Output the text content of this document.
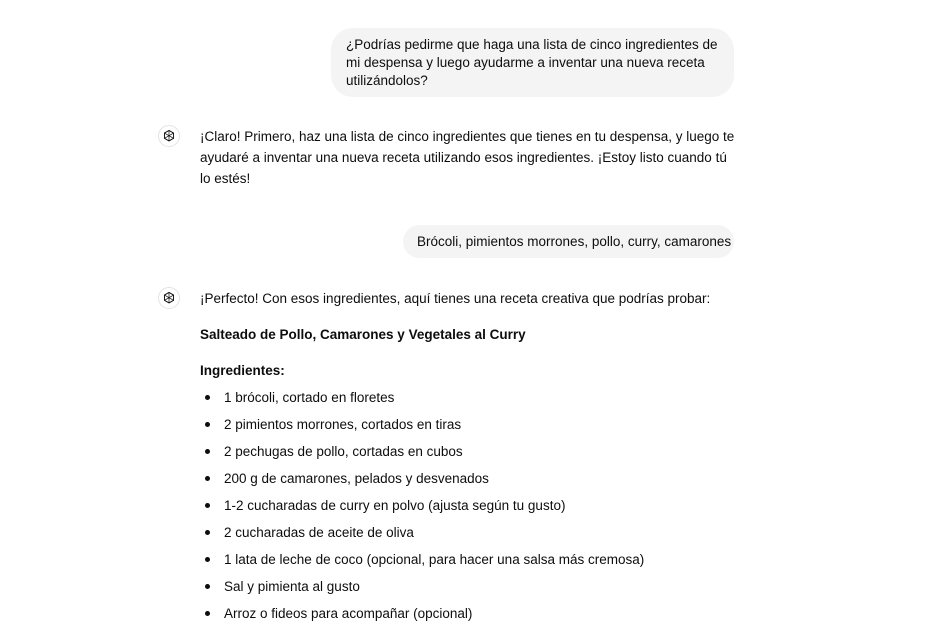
¿Podrías pedirme que haga una lista de cinco ingredientes de mi despensa y luego ayudarme a inventar una nueva receta utilizándolos?
¡Claro! Primero, haz una lista de cinco ingredientes que tienes en tu despensa, y luego te ayudaré a inventar una nueva receta utilizando esos ingredientes. ¡Estoy listo cuando tú lo estés!
Brócoli, pimientos morrones, pollo, curry, camarones
¡Perfecto! Con esos ingredientes, aquí tienes una receta creativa que podrías probar:
Salteado de Pollo, Camarones y Vegetales al Curry
Ingredientes:
1 brócoli, cortado en floretes
2 pimientos morrones, cortados en tiras
2 pechugas de pollo, cortadas en cubos
200 g de camarones, pelados y desvenados
1-2 cucharadas de curry en polvo (ajusta según tu gusto)
2 cucharadas de aceite de oliva
1 lata de leche de coco (opcional, para hacer una salsa más cremosa)
Sal y pimienta al gusto
Arroz o fideos para acompañar (opcional)
